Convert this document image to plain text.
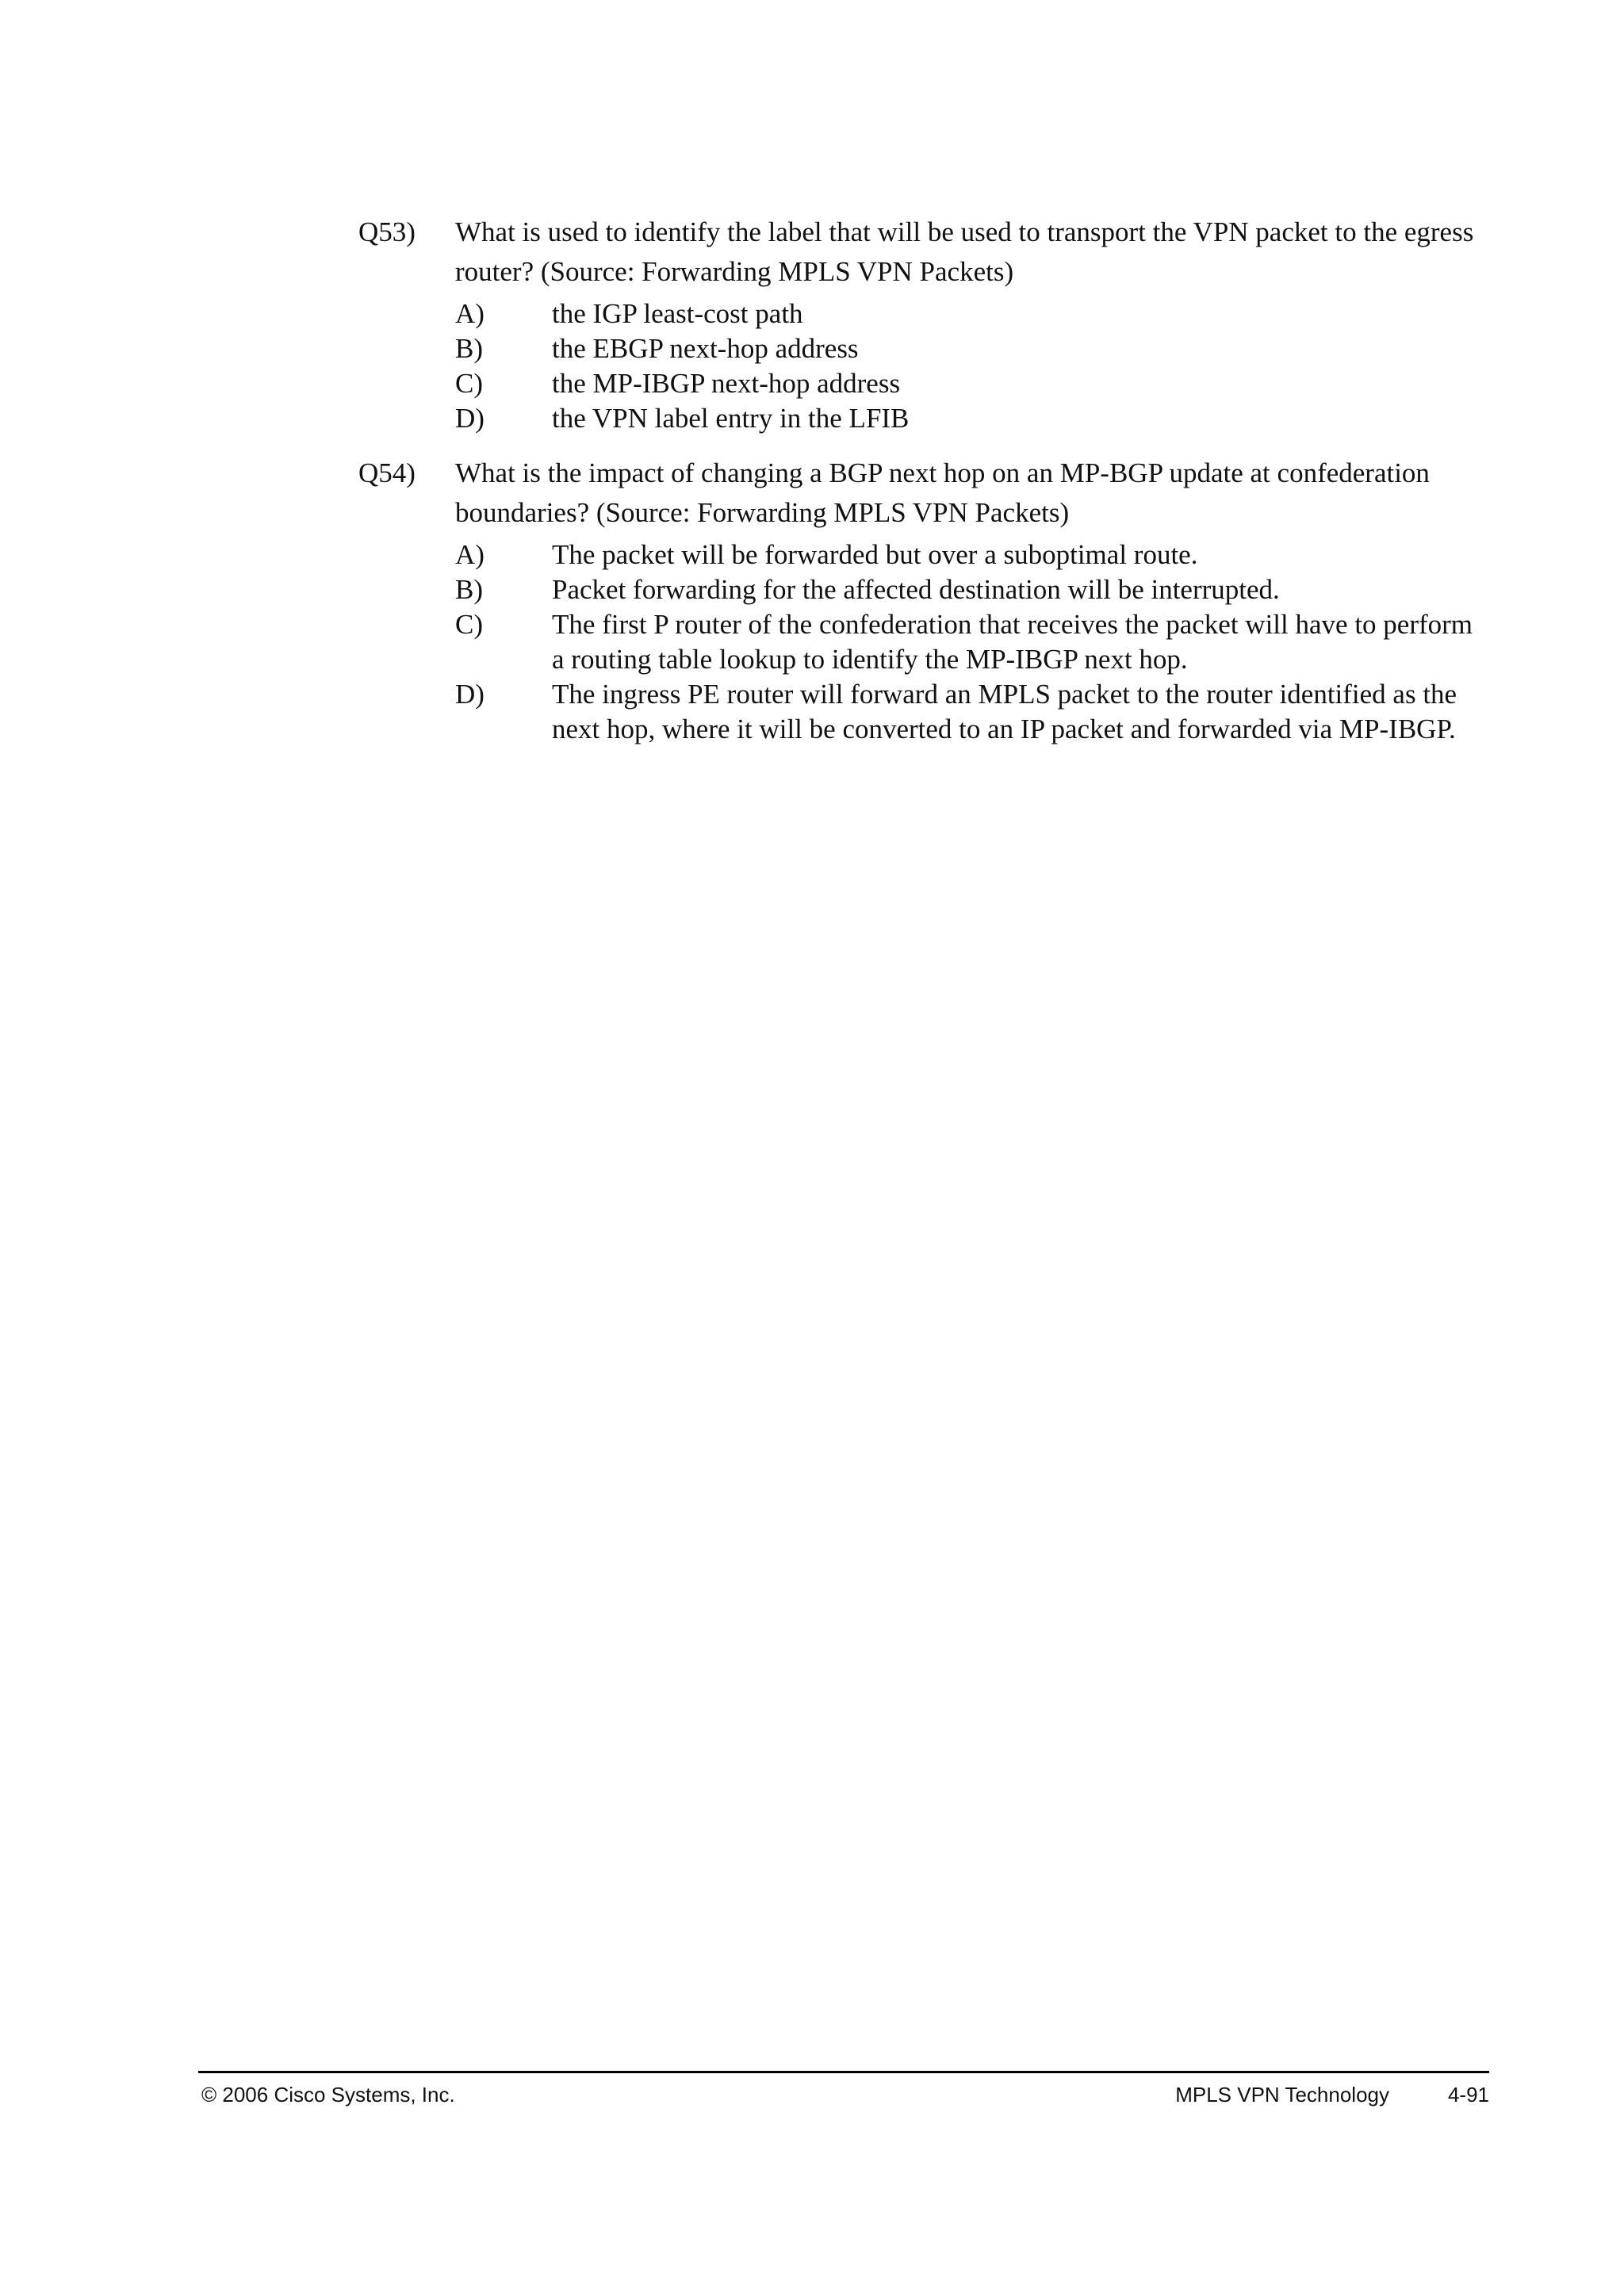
Q53) What is used to identify the label that will be used to transport the VPN packet to the egress router? (Source: Forwarding MPLS VPN Packets)
A) the IGP least-cost path
B) the EBGP next-hop address
C) the MP-IBGP next-hop address
D) the VPN label entry in the LFIB
Q54) What is the impact of changing a BGP next hop on an MP-BGP update at confederation boundaries? (Source: Forwarding MPLS VPN Packets)
A) The packet will be forwarded but over a suboptimal route.
B) Packet forwarding for the affected destination will be interrupted.
C) The first P router of the confederation that receives the packet will have to perform a routing table lookup to identify the MP-IBGP next hop.
D) The ingress PE router will forward an MPLS packet to the router identified as the next hop, where it will be converted to an IP packet and forwarded via MP-IBGP.
© 2006 Cisco Systems, Inc.	MPLS VPN Technology	4-91
